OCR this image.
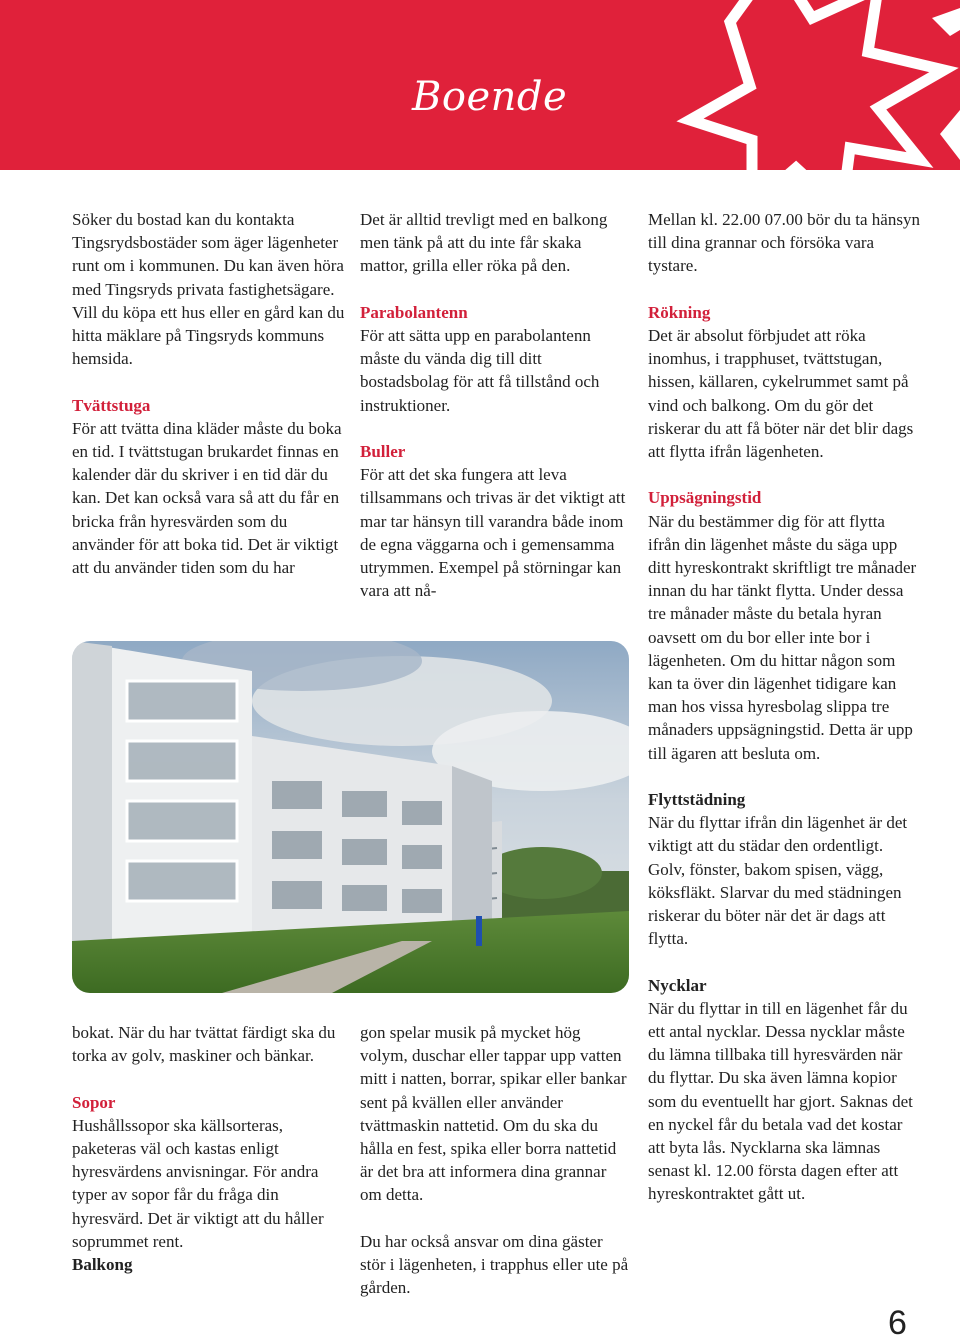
Boende

Söker du bostad kan du kontakta Tingsrydsbostäder som äger lägenheter runt om i kommunen. Du kan även höra med Tingsryds privata fastighetsägare. Vill du köpa ett hus eller en gård kan du hitta mäklare på Tingsryds kommuns hemsida.

Tvättstuga
För att tvätta dina kläder måste du boka en tid. I tvättstugan brukardet finnas en kalender där du skriver i en tid där du kan. Det kan också vara så att du får en bricka från hyresvärden som du använder för att boka tid. Det är viktigt att du använder tiden som du har

Det är alltid trevligt med en balkong men tänk på att du inte får skaka mattor, grilla eller röka på den.

Parabolantenn
För att sätta upp en parabolantenn måste du vända dig till ditt bostadsbolag för att få tillstånd och instruktioner.

Buller
För att det ska fungera att leva tillsammans och trivas är det viktigt att mar tar hänsyn till varandra både inom de egna väggarna och i gemensamma utrymmen. Exempel på störningar kan vara att nå-

Mellan kl. 22.00 07.00 bör du ta hänsyn till dina grannar och försöka vara tystare.

Rökning
Det är absolut förbjudet att röka inomhus, i trapphuset, tvättstugan, hissen, källaren, cykelrummet samt på vind och balkong. Om du gör det riskerar du att få böter när det blir dags att flytta ifrån lägenheten.

Uppsägningstid
När du bestämmer dig för att flytta ifrån din lägenhet måste du säga upp ditt hyreskontrakt skriftligt tre månader innan du har tänkt flytta. Under dessa tre månader måste du betala hyran oavsett om du bor eller inte bor i lägenheten. Om du hittar någon som kan ta över din lägenhet tidigare kan man hos vissa hyresbolag slippa tre månaders uppsägningstid. Detta är upp till ägaren att besluta om.

Flyttstädning
När du flyttar ifrån din lägenhet är det viktigt att du städar den ordentligt. Golv, fönster, bakom spisen, vägg, köksfläkt. Slarvar du med städningen riskerar du böter när det är dags att flytta.

Nycklar
När du flyttar in till en lägenhet får du ett antal nycklar. Dessa nycklar måste du lämna tillbaka till hyresvärden när du flyttar. Du ska även lämna kopior som du eventuellt har gjort. Saknas det en nyckel får du betala vad det kostar att byta lås. Nycklarna ska lämnas senast kl. 12.00 första dagen efter att hyreskontraktet gått ut.

bokat. När du har tvättat färdigt ska du torka av golv, maskiner och bänkar.

Sopor
Hushållssopor ska källsorteras, paketeras väl och kastas enligt hyresvärdens anvisningar. För andra typer av sopor får du fråga din hyresvärd. Det är viktigt att du håller soprummet rent.
Balkong

gon spelar musik på mycket hög volym, duschar eller tappar upp vatten mitt i natten, borrar, spikar eller bankar sent på kvällen eller använder tvättmaskin nattetid. Om du ska du hålla en fest, spika eller borra nattetid är det bra att informera dina grannar om detta.

Du har också ansvar om dina gäster stör i lägenheten, i trapphus eller ute på gården.

6
